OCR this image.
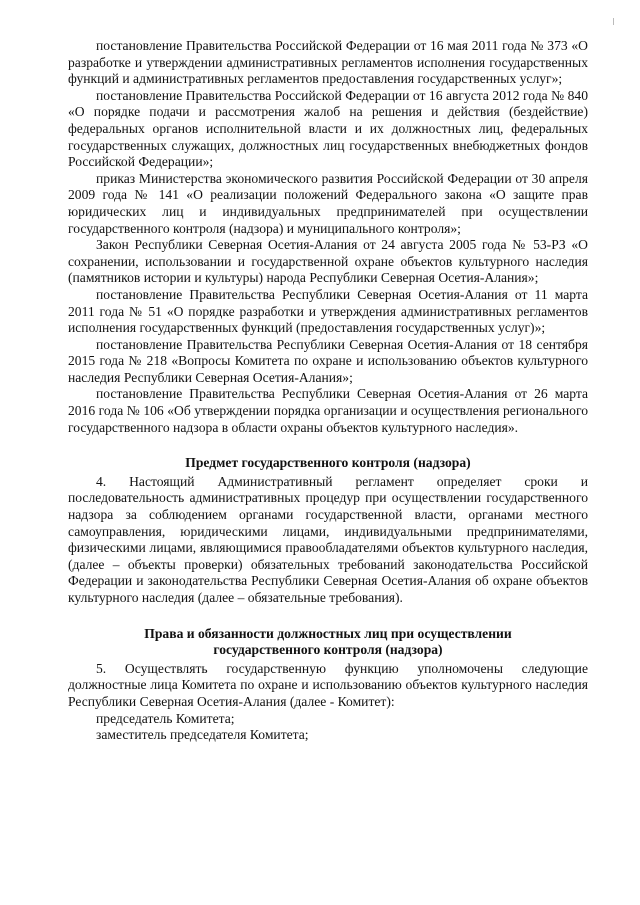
постановление Правительства Российской Федерации от 16 мая 2011 года № 373 «О разработке и утверждении административных регламентов исполнения государственных функций и административных регламентов предоставления государственных услуг»;

постановление Правительства Российской Федерации от 16 августа 2012 года № 840 «О порядке подачи и рассмотрения жалоб на решения и действия (бездействие) федеральных органов исполнительной власти и их должностных лиц, федеральных государственных служащих, должностных лиц государственных внебюджетных фондов Российской Федерации»;

приказ Министерства экономического развития Российской Федерации от 30 апреля 2009 года № 141 «О реализации положений Федерального закона «О защите прав юридических лиц и индивидуальных предпринимателей при осуществлении государственного контроля (надзора) и муниципального контроля»;

Закон Республики Северная Осетия-Алания от 24 августа 2005 года № 53-РЗ «О сохранении, использовании и государственной охране объектов культурного наследия (памятников истории и культуры) народа Республики Северная Осетия-Алания»;

постановление Правительства Республики Северная Осетия-Алания от 11 марта 2011 года № 51 «О порядке разработки и утверждения административных регламентов исполнения государственных функций (предоставления государственных услуг)»;

постановление Правительства Республики Северная Осетия-Алания от 18 сентября 2015 года № 218 «Вопросы Комитета по охране и использованию объектов культурного наследия Республики Северная Осетия-Алания»;

постановление Правительства Республики Северная Осетия-Алания от 26 марта 2016 года № 106 «Об утверждении порядка организации и осуществления регионального государственного надзора в области охраны объектов культурного наследия».

Предмет государственного контроля (надзора)

4. Настоящий Административный регламент определяет сроки и последовательность административных процедур при осуществлении государственного надзора за соблюдением органами государственной власти, органами местного самоуправления, юридическими лицами, индивидуальными предпринимателями, физическими лицами, являющимися правообладателями объектов культурного наследия, (далее – объекты проверки) обязательных требований законодательства Российской Федерации и законодательства Республики Северная Осетия-Алания об охране объектов культурного наследия (далее – обязательные требования).

Права и обязанности должностных лиц при осуществлении
государственного контроля (надзора)

5. Осуществлять государственную функцию уполномочены следующие должностные лица Комитета по охране и использованию объектов культурного наследия Республики Северная Осетия-Алания (далее - Комитет):

председатель Комитета;

заместитель председателя Комитета;
